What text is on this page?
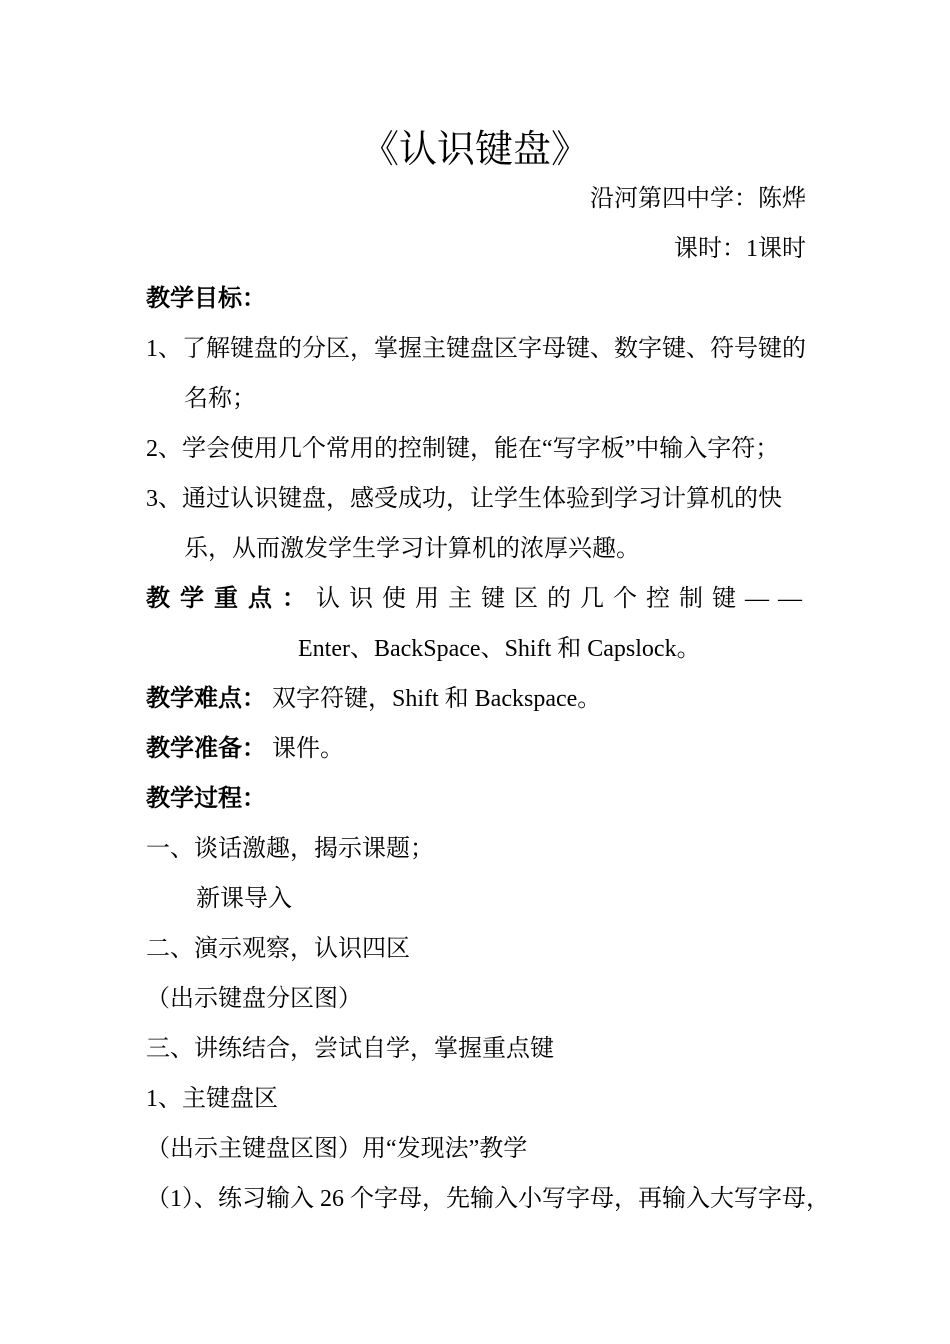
《认识键盘》
沿河第四中学：陈烨
课时：1课时
教学目标：
1、了解键盘的分区，掌握主键盘区字母键、数字键、符号键的
名称；
2、学会使用几个常用的控制键，能在“写字板”中输入字符；
3、通过认识键盘，感受成功，让学生体验到学习计算机的快
乐，从而激发学生学习计算机的浓厚兴趣。
教学重点： 认识使用主键区的几个控制键——
Enter、BackSpace、Shift 和 Capslock。
教学难点： 双字符键，Shift 和 Backspace。
教学准备： 课件。
教学过程：
一、谈话激趣，揭示课题；
新课导入
二、演示观察，认识四区
（出示键盘分区图）
三、讲练结合，尝试自学，掌握重点键
1、主键盘区
（出示主键盘区图）用“发现法”教学
（1）、练习输入 26 个字母，先输入小写字母，再输入大写字母，
